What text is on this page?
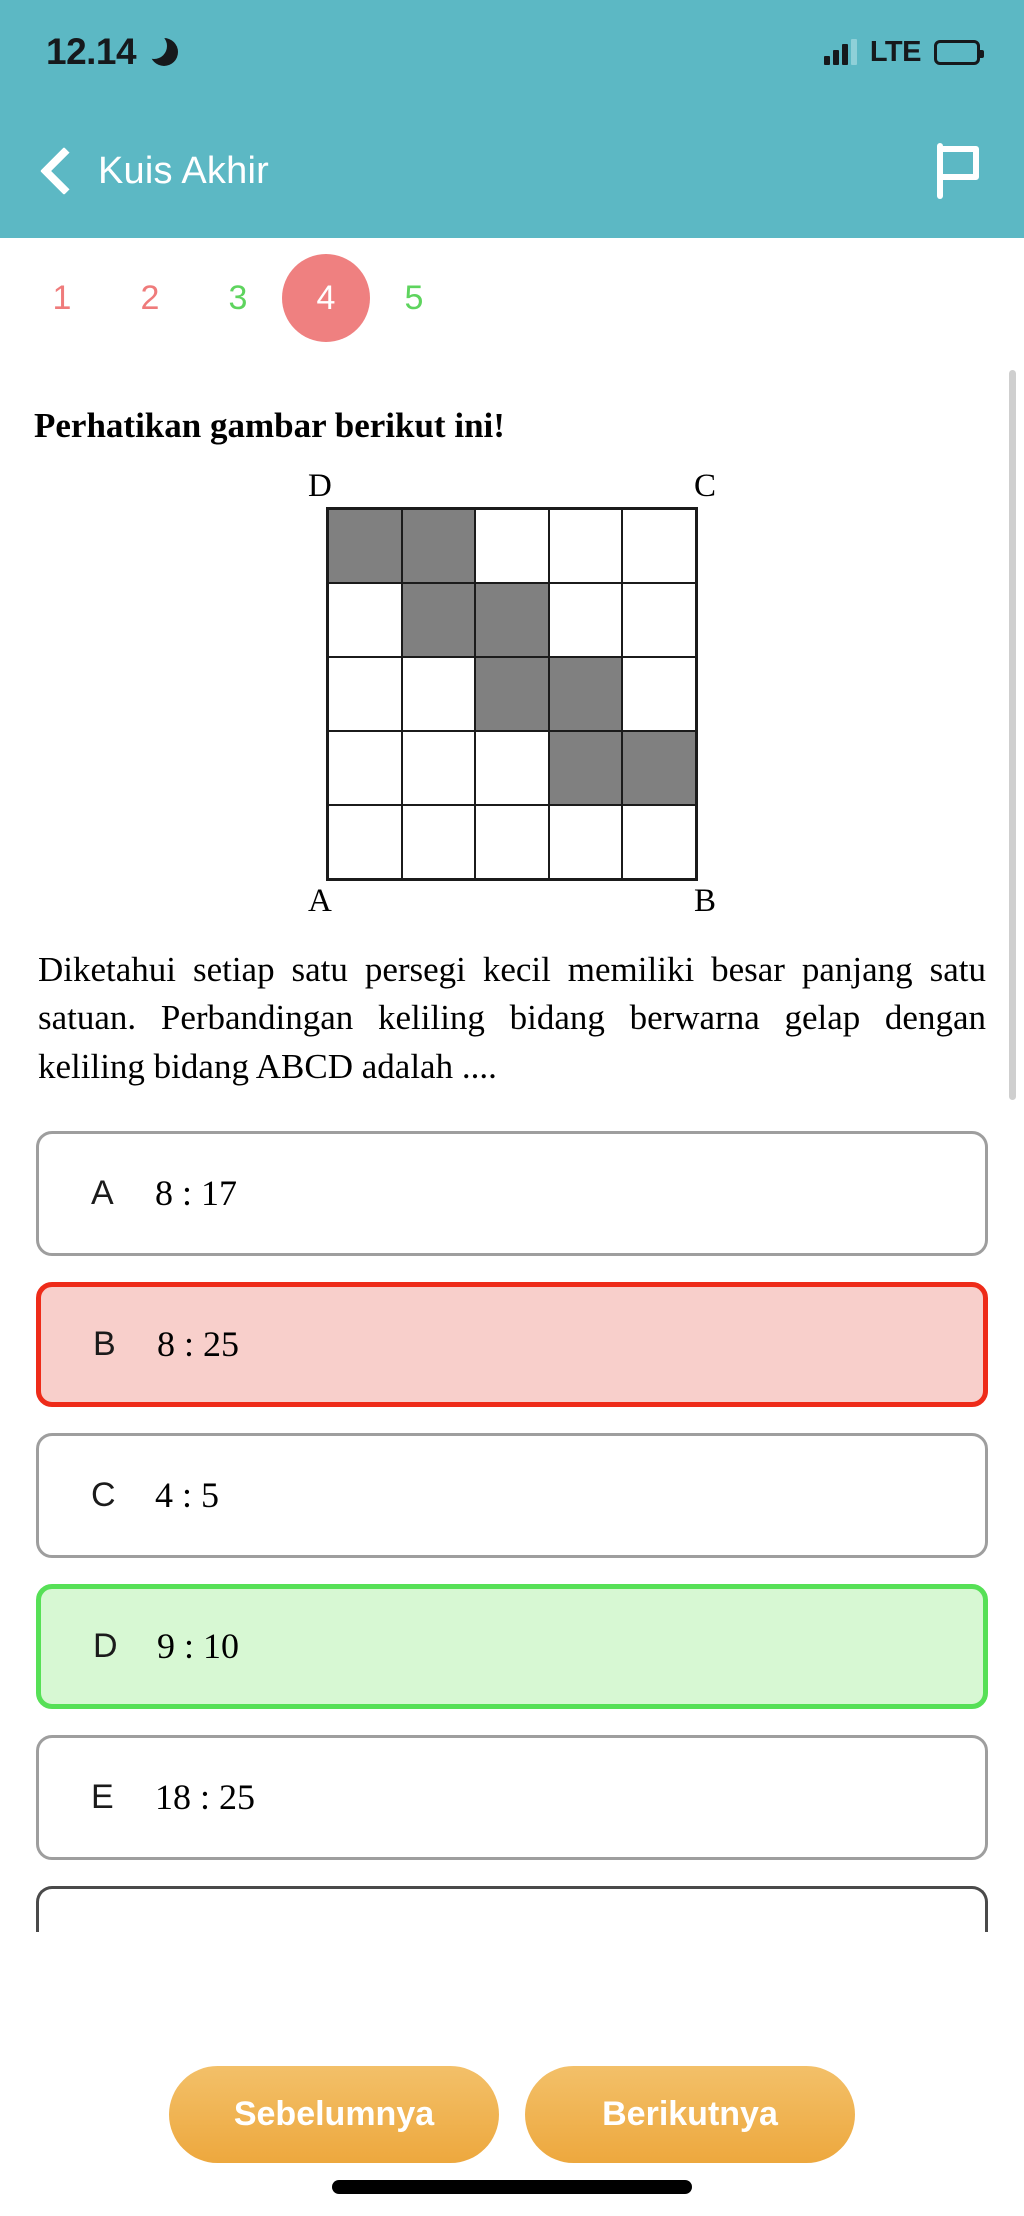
12.14	LTE
Kuis Akhir
1	2	3	4	5
Perhatikan gambar berikut ini!
D	C
A	B
Diketahui setiap satu persegi kecil memiliki besar panjang satu satuan. Perbandingan keliling bidang berwarna gelap dengan keliling bidang ABCD adalah ....
A 8 : 17
B 8 : 25
C 4 : 5
D 9 : 10
E 18 : 25
Sebelumnya	Berikutnya
